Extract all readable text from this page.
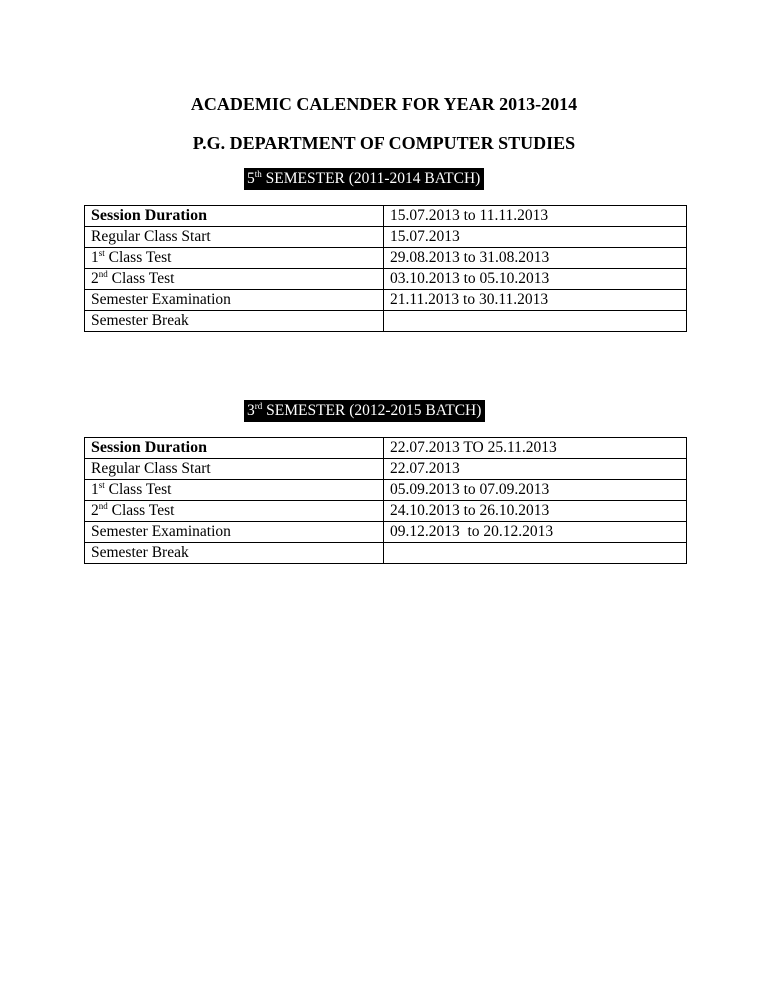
ACADEMIC CALENDER FOR YEAR 2013-2014
P.G. DEPARTMENT OF COMPUTER STUDIES
5th SEMESTER (2011-2014 BATCH)
Session Duration	15.07.2013 to 11.11.2013
Regular Class Start	15.07.2013
1st Class Test	29.08.2013 to 31.08.2013
2nd Class Test	03.10.2013 to 05.10.2013
Semester Examination	21.11.2013 to 30.11.2013
Semester Break	
3rd SEMESTER (2012-2015 BATCH)
Session Duration	22.07.2013 TO 25.11.2013
Regular Class Start	22.07.2013
1st Class Test	05.09.2013 to 07.09.2013
2nd Class Test	24.10.2013 to 26.10.2013
Semester Examination	09.12.2013  to 20.12.2013
Semester Break	
